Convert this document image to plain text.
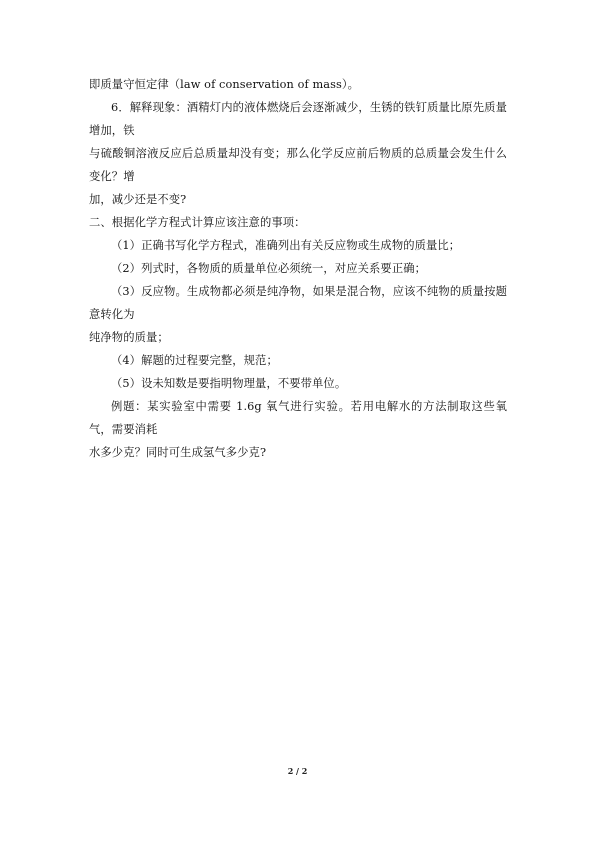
即质量守恒定律（law of conservation of mass）。

6．解释现象：酒精灯内的液体燃烧后会逐渐减少，生锈的铁钉质量比原先质量增加，铁

与硫酸铜溶液反应后总质量却没有变；那么化学反应前后物质的总质量会发生什么变化？增

加，减少还是不变?

二、根据化学方程式计算应该注意的事项：

（1）正确书写化学方程式，准确列出有关反应物或生成物的质量比；

（2）列式时，各物质的质量单位必须统一，对应关系要正确；

（3）反应物。生成物都必须是纯净物，如果是混合物，应该不纯物的质量按题意转化为

纯净物的质量；

（4）解题的过程要完整，规范；

（5）设未知数是要指明物理量，不要带单位。

例题：某实验室中需要 1.6g 氧气进行实验。若用电解水的方法制取这些氧气，需要消耗

水多少克？同时可生成氢气多少克?

2 / 2
